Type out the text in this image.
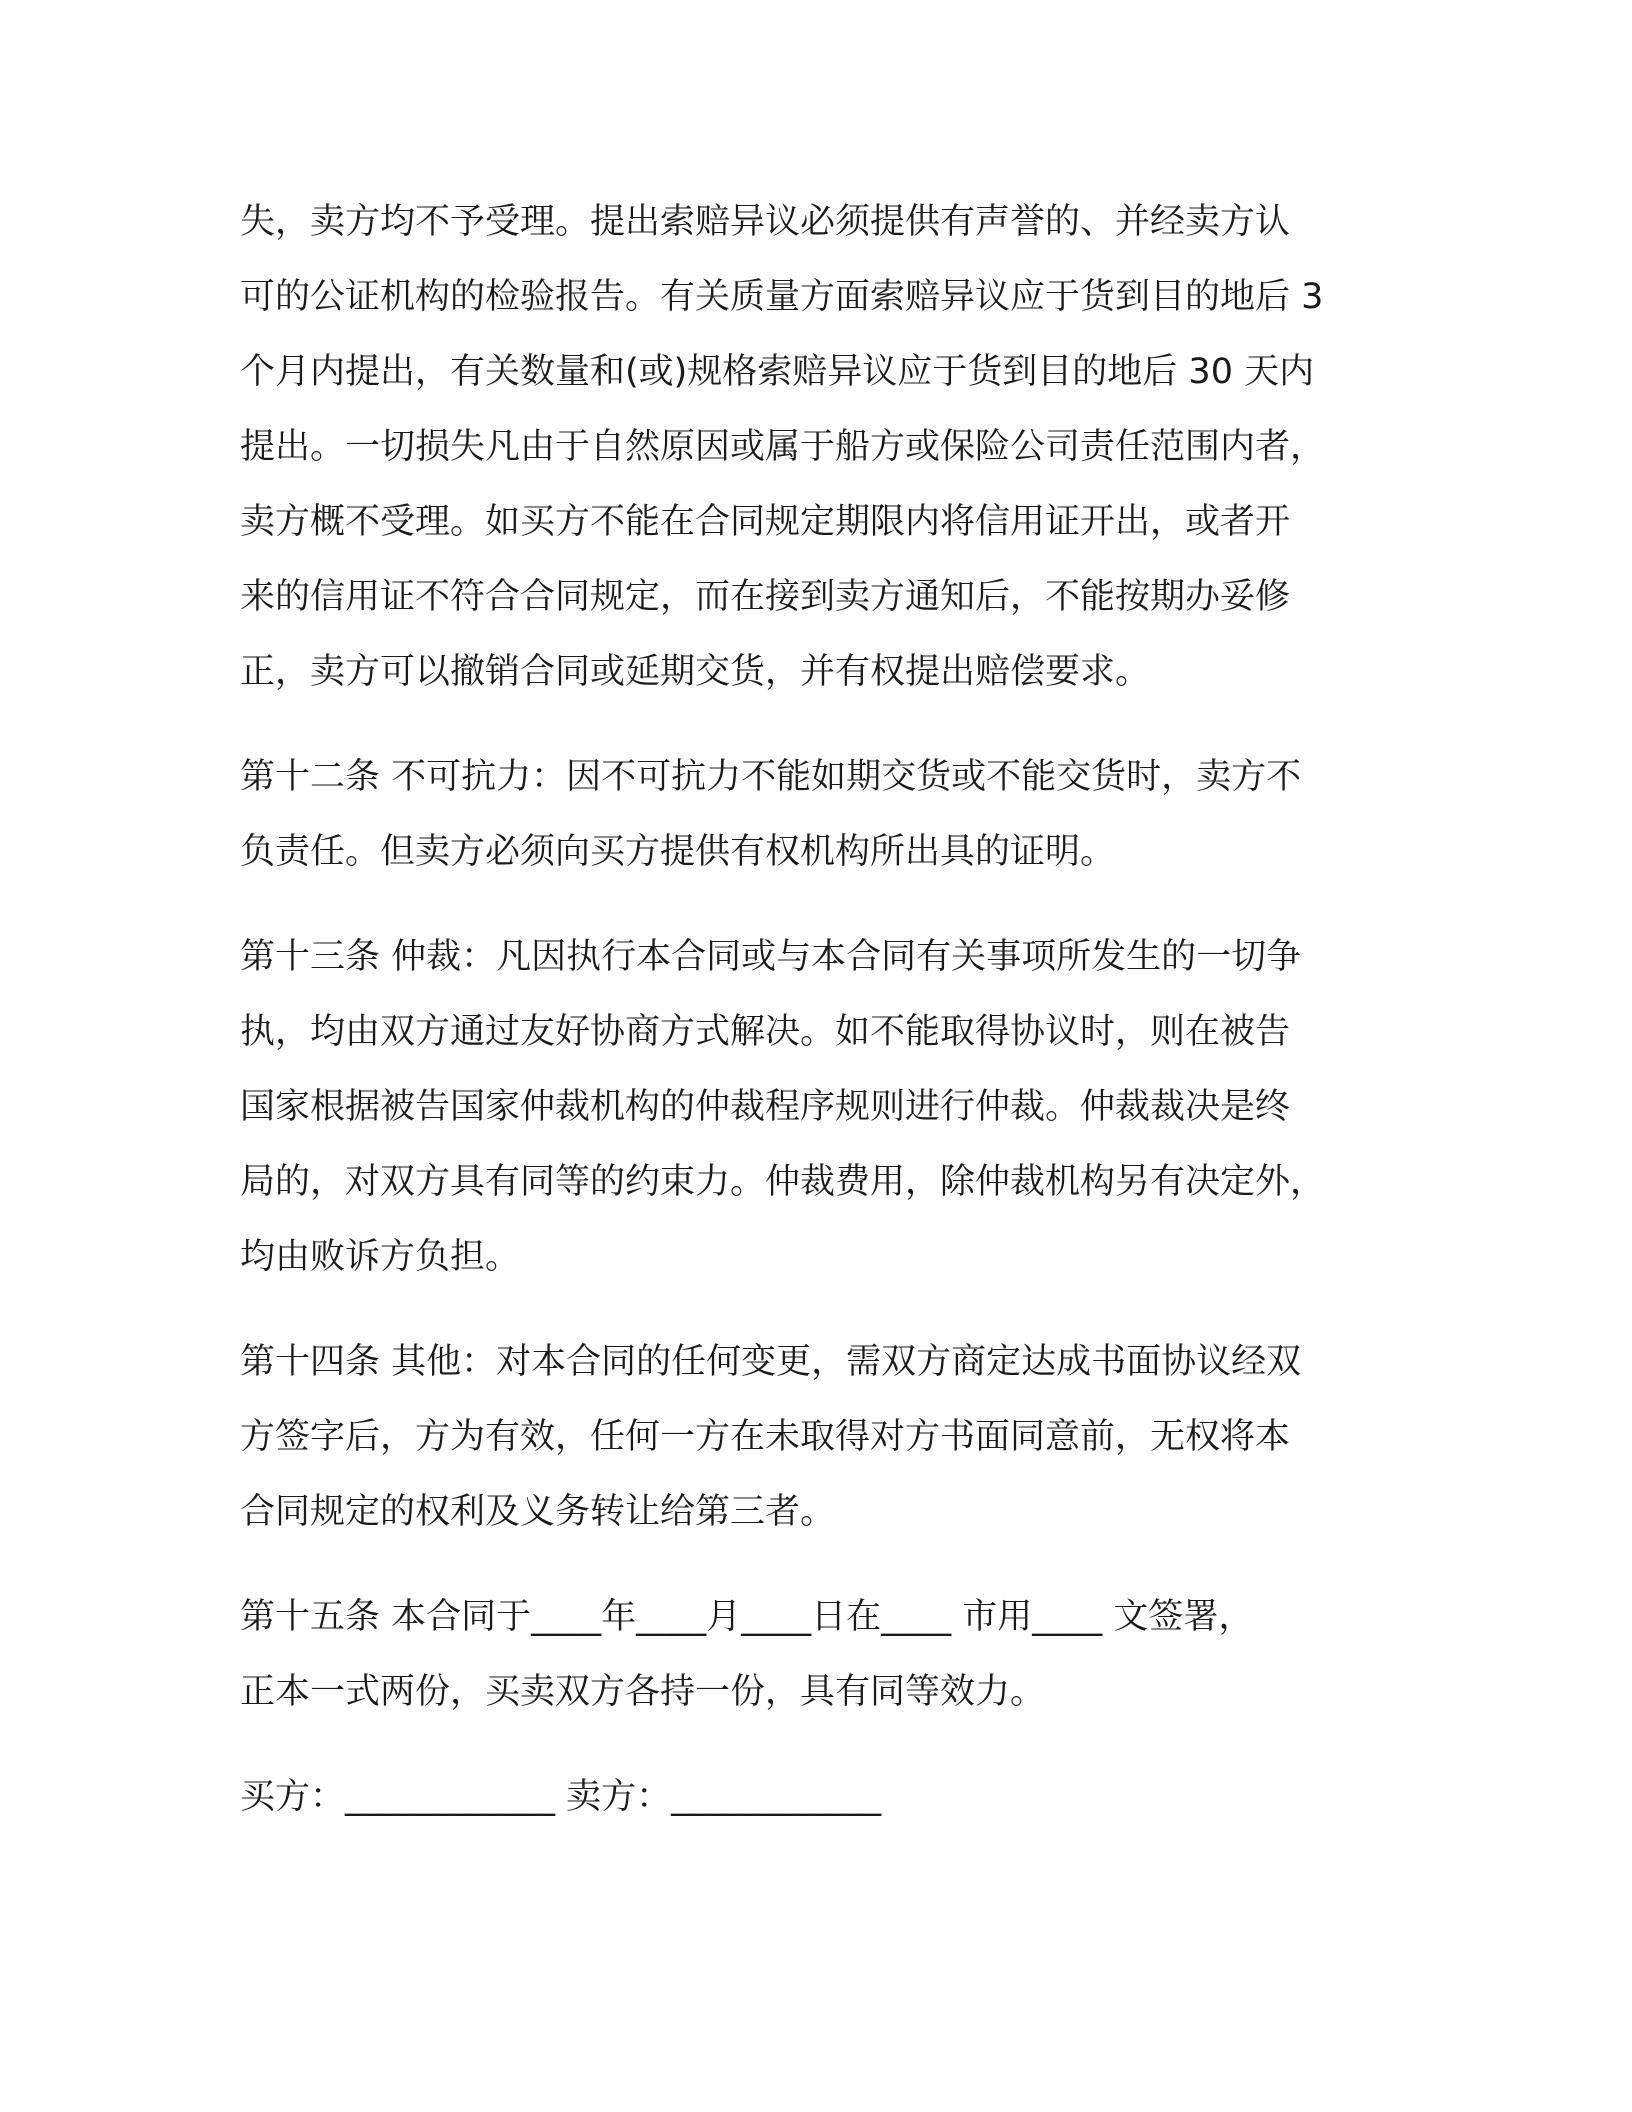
失，卖方均不予受理。提出索赔异议必须提供有声誉的、并经卖方认
可的公证机构的检验报告。有关质量方面索赔异议应于货到目的地后 3
个月内提出，有关数量和(或)规格索赔异议应于货到目的地后 30 天内
提出。一切损失凡由于自然原因或属于船方或保险公司责任范围内者，
卖方概不受理。如买方不能在合同规定期限内将信用证开出，或者开
来的信用证不符合合同规定，而在接到卖方通知后，不能按期办妥修
正，卖方可以撤销合同或延期交货，并有权提出赔偿要求。
第十二条 不可抗力：因不可抗力不能如期交货或不能交货时，卖方不
负责任。但卖方必须向买方提供有权机构所出具的证明。
第十三条 仲裁：凡因执行本合同或与本合同有关事项所发生的一切争
执，均由双方通过友好协商方式解决。如不能取得协议时，则在被告
国家根据被告国家仲裁机构的仲裁程序规则进行仲裁。仲裁裁决是终
局的，对双方具有同等的约束力。仲裁费用，除仲裁机构另有决定外，
均由败诉方负担。
第十四条 其他：对本合同的任何变更，需双方商定达成书面协议经双
方签字后，方为有效，任何一方在未取得对方书面同意前，无权将本
合同规定的权利及义务转让给第三者。
第十五条 本合同于____年____月____日在____ 市用____ 文签署，
正本一式两份，买卖双方各持一份，具有同等效力。
买方：____________ 卖方：____________
